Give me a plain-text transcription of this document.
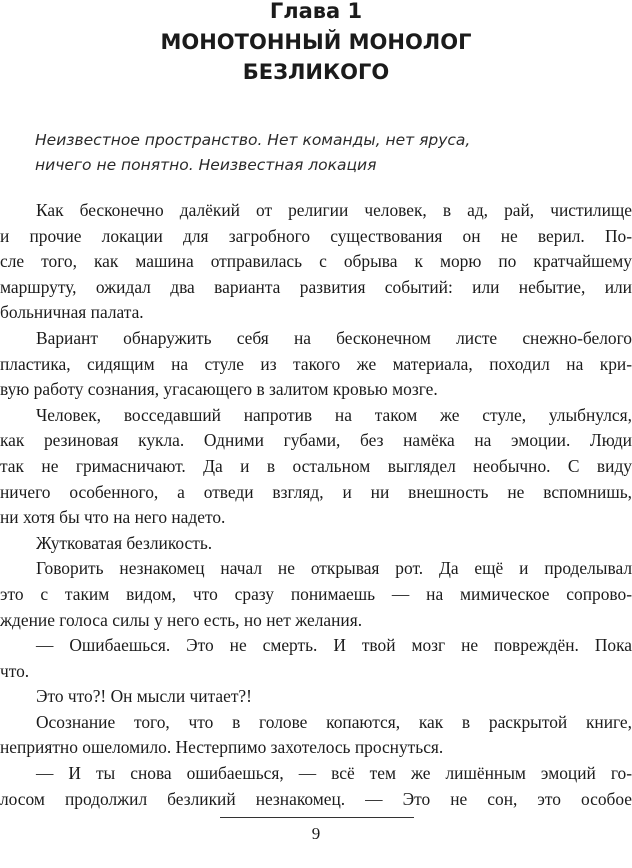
Глава 1
МОНОТОННЫЙ МОНОЛОГ
БЕЗЛИКОГО
Неизвестное пространство. Нет команды, нет яруса,
ничего не понятно. Неизвестная локация
Как бесконечно далёкий от религии человек, в ад, рай, чистилище
и прочие локации для загробного существования он не верил. По-
сле того, как машина отправилась с обрыва к морю по кратчайшему
маршруту, ожидал два варианта развития событий: или небытие, или
больничная палата.
Вариант обнаружить себя на бесконечном листе снежно-белого
пластика, сидящим на стуле из такого же материала, походил на кри-
вую работу сознания, угасающего в залитом кровью мозге.
Человек, восседавший напротив на таком же стуле, улыбнулся,
как резиновая кукла. Одними губами, без намёка на эмоции. Люди
так не гримасничают. Да и в остальном выглядел необычно. С виду
ничего особенного, а отведи взгляд, и ни внешность не вспомнишь,
ни хотя бы что на него надето.
Жутковатая безликость.
Говорить незнакомец начал не открывая рот. Да ещё и проделывал
это с таким видом, что сразу понимаешь — на мимическое сопрово-
ждение голоса силы у него есть, но нет желания.
— Ошибаешься. Это не смерть. И твой мозг не повреждён. Пока
что.
Это что?! Он мысли читает?!
Осознание того, что в голове копаются, как в раскрытой книге,
неприятно ошеломило. Нестерпимо захотелось проснуться.
— И ты снова ошибаешься, — всё тем же лишённым эмоций го-
лосом продолжил безликий незнакомец. — Это не сон, это особое
9
